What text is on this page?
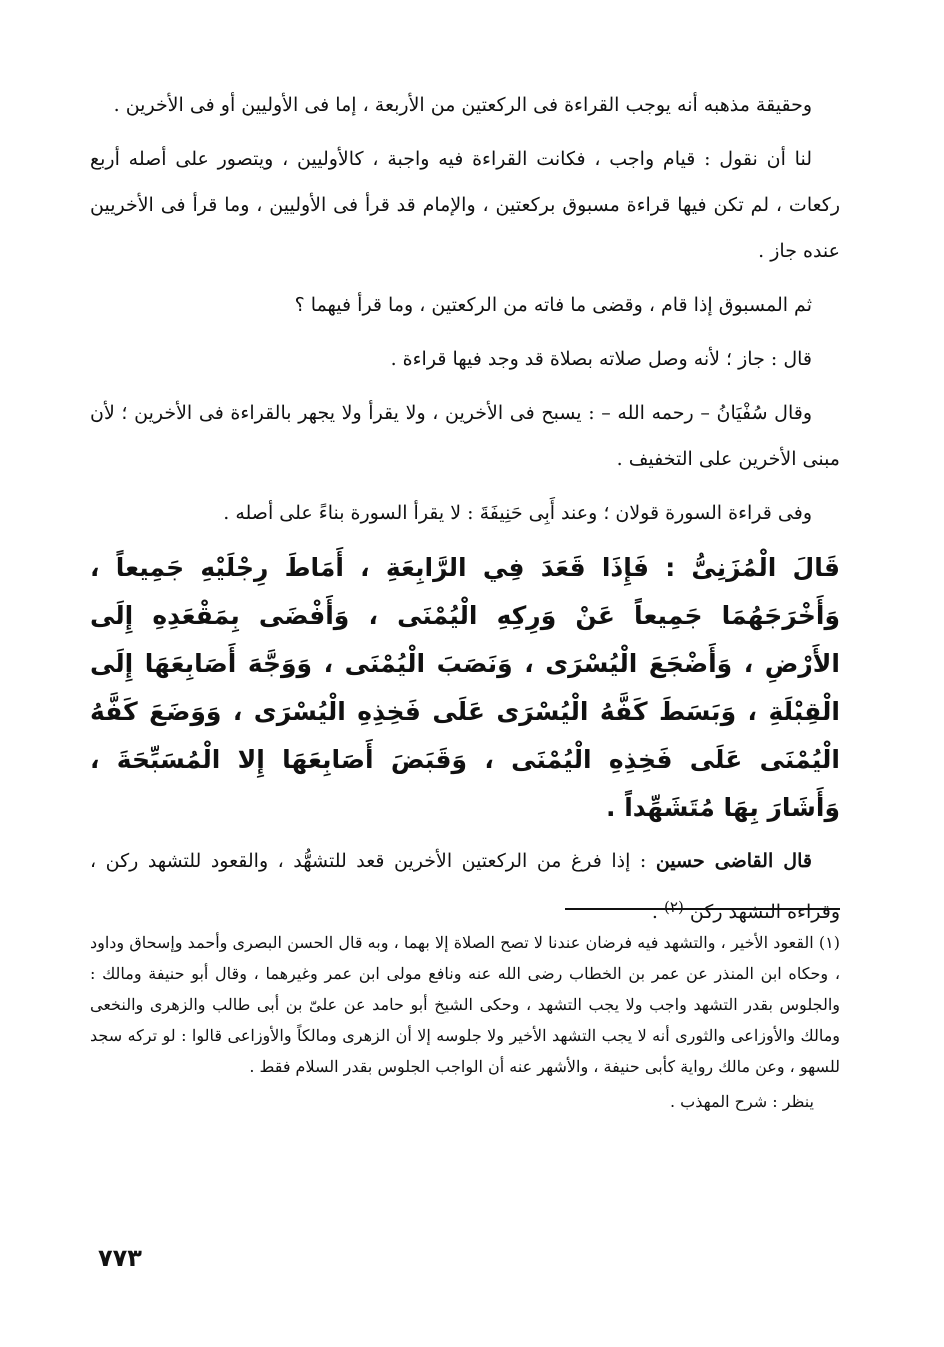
وحقيقة مذهبه أنه يوجب القراءة فى الركعتين من الأربعة ، إما فى الأوليين أو فى الأخرين .

لنا أن نقول : قيام واجب ، فكانت القراءة فيه واجبة ، كالأوليين ، ويتصور على أصله أربع ركعات ، لم تكن فيها قراءة مسبوق بركعتين ، والإمام قد قرأ فى الأوليين ، وما قرأ فى الأخريين عنده جاز .

ثم المسبوق إذا قام ، وقضى ما فاته من الركعتين ، وما قرأ فيهما ؟

قال : جاز ؛ لأنه وصل صلاته بصلاة قد وجد فيها قراءة .

وقال سُفْيَانُ – رحمه الله – : يسبح فى الأخرين ، ولا يقرأ ولا يجهر بالقراءة فى الأخرين ؛ لأن مبنى الأخرين على التخفيف .

وفى قراءة السورة قولان ؛ وعند أَبِى حَنِيفَةَ : لا يقرأ السورة بناءً على أصله .

قَالَ الْمُزَنِىُّ : فَإِذَا قَعَدَ فِي الرَّابِعَةِ ، أَمَاطَ رِجْلَيْهِ جَمِيعاً ، وَأَخْرَجَهُمَا جَمِيعاً عَنْ وَرِكِهِ الْيُمْنَى ، وَأَفْضَى بِمَقْعَدِهِ إِلَى الأَرْضِ ، وَأَضْجَعَ الْيُسْرَى ، وَنَصَبَ الْيُمْنَى ، وَوَجَّهَ أَصَابِعَهَا إِلَى الْقِبْلَةِ ، وَبَسَطَ كَفَّهُ الْيُسْرَى عَلَى فَخِذِهِ الْيُسْرَى ، وَوَضَعَ كَفَّهُ الْيُمْنَى عَلَى فَخِذِهِ الْيُمْنَى ، وَقَبَضَ أَصَابِعَهَا إِلا الْمُسَبِّحَةَ ، وَأَشَارَ بِهَا مُتَشَهِّداً .

قال القاضى حسين : إذا فرغ من الركعتين الأخرين قعد للتشهُّد ، والقعود للتشهد ركن ، وقراءة التشهد ركن $^{(٢)}$ .

(١) القعود الأخير ، والتشهد فيه فرضان عندنا لا تصح الصلاة إلا بهما ، وبه قال الحسن البصرى وأحمد وإسحاق وداود ، وحكاه ابن المنذر عن عمر بن الخطاب رضى الله عنه ونافع مولى ابن عمر وغيرهما ، وقال أبو حنيفة ومالك : والجلوس بقدر التشهد واجب ولا يجب التشهد ، وحكى الشيخ أبو حامد عن علىّ بن أبى طالب والزهرى والنخعى ومالك والأوزاعى والثورى أنه لا يجب التشهد الأخير ولا جلوسه إلا أن الزهرى ومالكاً والأوزاعى قالوا : لو تركه سجد للسهو ، وعن مالك رواية كأبى حنيفة ، والأشهر عنه أن الواجب الجلوس بقدر السلام فقط .
ينظر : شرح المهذب .
٧٧٣
